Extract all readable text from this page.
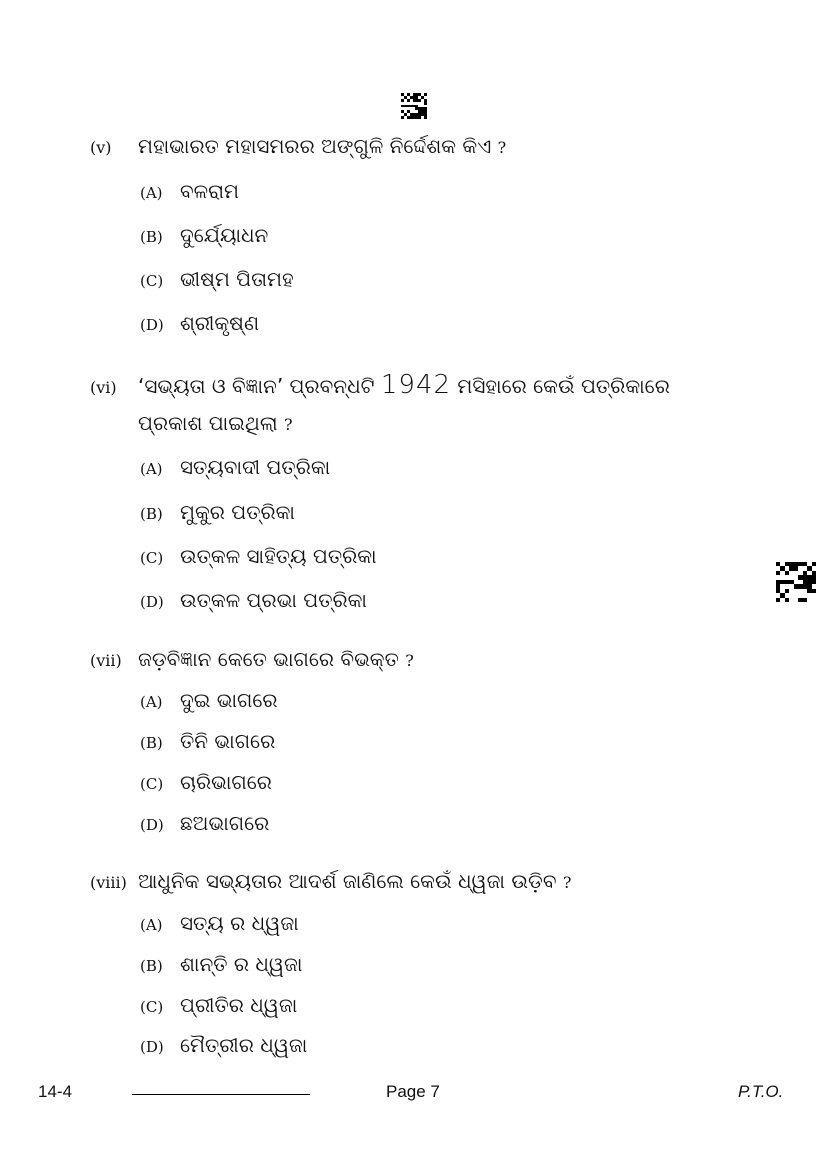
(v) ମହାଭାରତ ମହାସମରର ଅଙ୍ଗୁଳି ନିର୍ଦ୍ଦେଶକ କିଏ ?
(A) ବଳରାମ
(B) ଦୁର୍ଯ୍ୟୋଧନ
(C) ଭୀଷ୍ମ ପିତାମହ
(D) ଶ୍ରୀକୃଷ୍ଣ
(vi) ‘ସଭ୍ୟତା ଓ ବିଜ୍ଞାନ’ ପ୍ରବନ୍ଧଟି 1942 ମସିହାରେ କେଉଁ ପତ୍ରିକାରେ
ପ୍ରକାଶ ପାଇଥିଲା ?
(A) ସତ୍ୟବାଦୀ ପତ୍ରିକା
(B) ମୁକୁର ପତ୍ରିକା
(C) ଉତ୍କଳ ସାହିତ୍ୟ ପତ୍ରିକା
(D) ଉତ୍କଳ ପ୍ରଭା ପତ୍ରିକା
(vii) ଜଡ଼ବିଜ୍ଞାନ କେତେ ଭାଗରେ ବିଭକ୍ତ ?
(A) ଦୁଇ ଭାଗରେ
(B) ତିନି ଭାଗରେ
(C) ଚାରିଭାଗରେ
(D) ଛଅଭାଗରେ
(viii) ଆଧୁନିକ ସଭ୍ୟତାର ଆଦର୍ଶ ଜାଣିଲେ କେଉଁ ଧ୍ୱଜା ଉଡ଼ିବ ?
(A) ସତ୍ୟ ର ଧ୍ୱଜା
(B) ଶାନ୍ତି ର ଧ୍ୱଜା
(C) ପ୍ରୀତିର ଧ୍ୱଜା
(D) ମୈତ୍ରୀର ଧ୍ୱଜା
14-4	Page 7	P.T.O.
